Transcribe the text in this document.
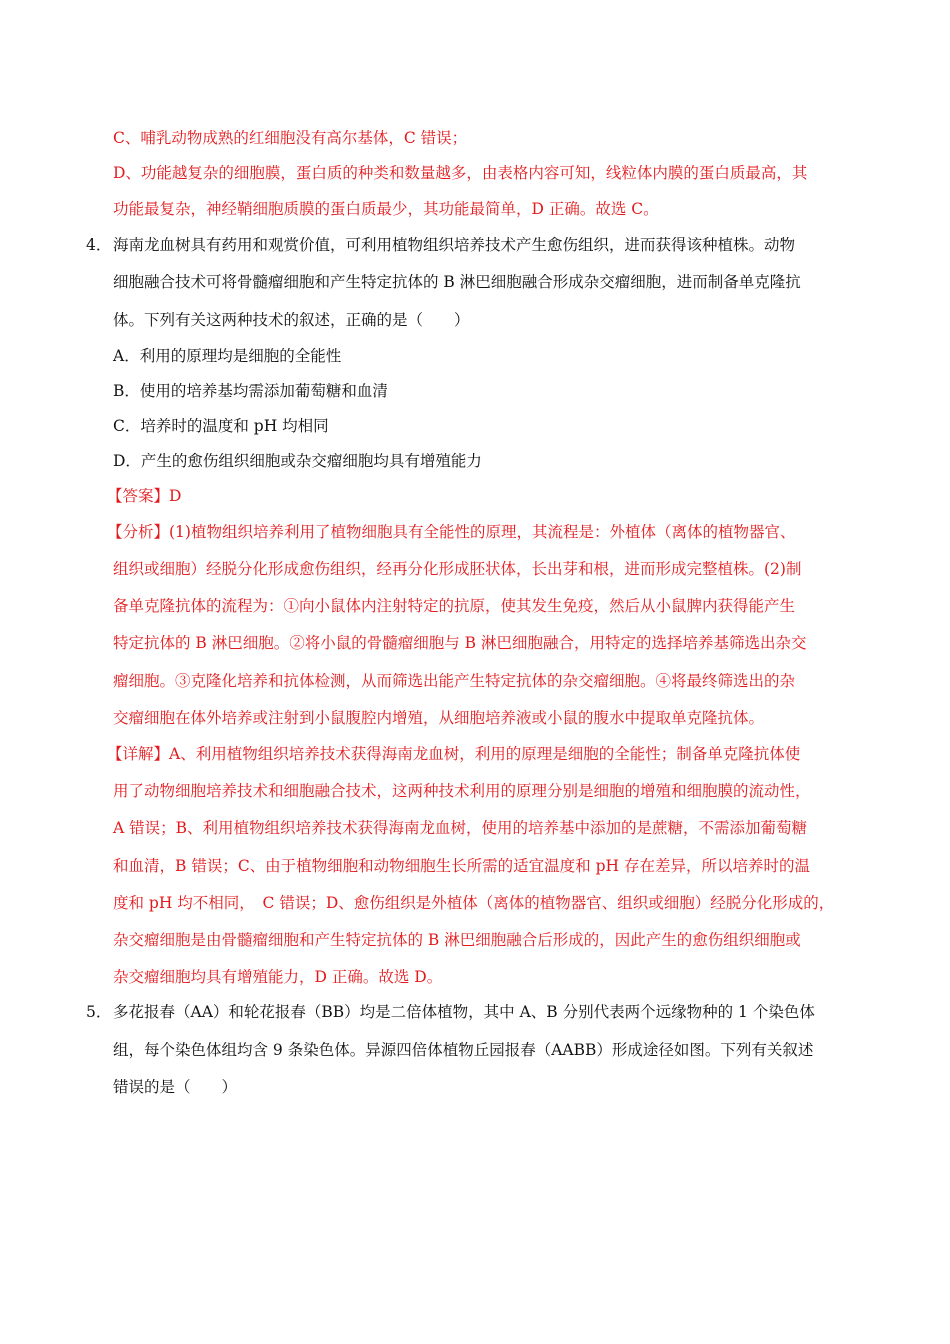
C、哺乳动物成熟的红细胞没有高尔基体，C 错误；
D、功能越复杂的细胞膜，蛋白质的种类和数量越多，由表格内容可知，线粒体内膜的蛋白质最高，其
功能最复杂，神经鞘细胞质膜的蛋白质最少，其功能最简单，D 正确。故选 C。
4． 海南龙血树具有药用和观赏价值，可利用植物组织培养技术产生愈伤组织，进而获得该种植株。动物
细胞融合技术可将骨髓瘤细胞和产生特定抗体的 B 淋巴细胞融合形成杂交瘤细胞，进而制备单克隆抗
体。下列有关这两种技术的叙述，正确的是（　　）
A．利用的原理均是细胞的全能性
B．使用的培养基均需添加葡萄糖和血清
C．培养时的温度和 pH 均相同
D．产生的愈伤组织细胞或杂交瘤细胞均具有增殖能力
【答案】D
【分析】(1)植物组织培养利用了植物细胞具有全能性的原理，其流程是：外植体（离体的植物器官、
组织或细胞）经脱分化形成愈伤组织，经再分化形成胚状体，长出芽和根，进而形成完整植株。(2)制
备单克隆抗体的流程为：①向小鼠体内注射特定的抗原，使其发生免疫，然后从小鼠脾内获得能产生
特定抗体的 B 淋巴细胞。②将小鼠的骨髓瘤细胞与 B 淋巴细胞融合，用特定的选择培养基筛选出杂交
瘤细胞。③克隆化培养和抗体检测，从而筛选出能产生特定抗体的杂交瘤细胞。④将最终筛选出的杂
交瘤细胞在体外培养或注射到小鼠腹腔内增殖，从细胞培养液或小鼠的腹水中提取单克隆抗体。
【详解】A、利用植物组织培养技术获得海南龙血树，利用的原理是细胞的全能性；制备单克隆抗体使
用了动物细胞培养技术和细胞融合技术，这两种技术利用的原理分别是细胞的增殖和细胞膜的流动性，
A 错误；B、利用植物组织培养技术获得海南龙血树，使用的培养基中添加的是蔗糖，不需添加葡萄糖
和血清，B 错误；C、由于植物细胞和动物细胞生长所需的适宜温度和 pH 存在差异，所以培养时的温
度和 pH 均不相同，　C 错误；D、愈伤组织是外植体（离体的植物器官、组织或细胞）经脱分化形成的，
杂交瘤细胞是由骨髓瘤细胞和产生特定抗体的 B 淋巴细胞融合后形成的，因此产生的愈伤组织细胞或
杂交瘤细胞均具有增殖能力，D 正确。故选 D。
5． 多花报春（AA）和轮花报春（BB）均是二倍体植物，其中 A、B 分别代表两个远缘物种的 1 个染色体
组，每个染色体组均含 9 条染色体。异源四倍体植物丘园报春（AABB）形成途径如图。下列有关叙述
错误的是（　　）
